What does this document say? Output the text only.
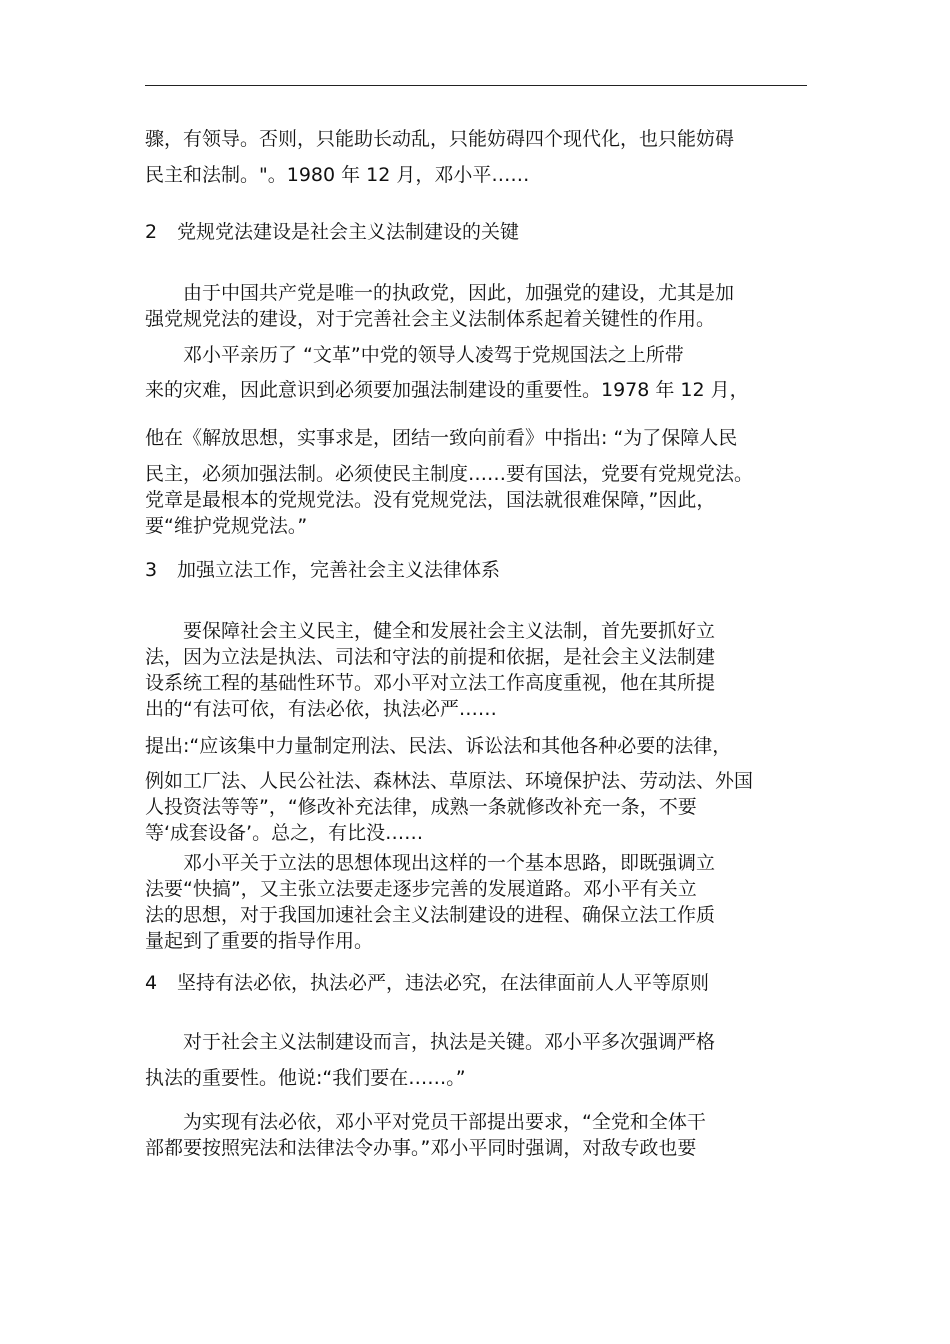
骤，有领导。否则，只能助长动乱，只能妨碍四个现代化，也只能妨碍
民主和法制。"。1980 年 12 月，邓小平……
2 党规党法建设是社会主义法制建设的关键
由于中国共产党是唯一的执政党，因此，加强党的建设，尤其是加
强党规党法的建设，对于完善社会主义法制体系起着关键性的作用。
邓小平亲历了 “文革”中党的领导人凌驾于党规国法之上所带
来的灾难，因此意识到必须要加强法制建设的重要性。1978 年 12 月，
他在《解放思想，实事求是，团结一致向前看》中指出: “为了保障人民
民主，必须加强法制。必须使民主制度……要有国法，党要有党规党法。
党章是最根本的党规党法。没有党规党法，国法就很难保障，”因此，
要“维护党规党法。”
3 加强立法工作，完善社会主义法律体系
要保障社会主义民主，健全和发展社会主义法制，首先要抓好立
法，因为立法是执法、司法和守法的前提和依据，是社会主义法制建
设系统工程的基础性环节。邓小平对立法工作高度重视，他在其所提
出的“有法可依，有法必依，执法必严……
提出:“应该集中力量制定刑法、民法、诉讼法和其他各种必要的法律，
例如工厂法、人民公社法、森林法、草原法、环境保护法、劳动法、外国
人投资法等等”，“修改补充法律，成熟一条就修改补充一条，不要
等‘成套设备’。总之，有比没……
邓小平关于立法的思想体现出这样的一个基本思路，即既强调立
法要“快搞”，又主张立法要走逐步完善的发展道路。邓小平有关立
法的思想，对于我国加速社会主义法制建设的进程、确保立法工作质
量起到了重要的指导作用。
4 坚持有法必依，执法必严，违法必究，在法律面前人人平等原则
对于社会主义法制建设而言，执法是关键。邓小平多次强调严格
执法的重要性。他说:“我们要在……。”
为实现有法必依，邓小平对党员干部提出要求，“全党和全体干
部都要按照宪法和法律法令办事。”邓小平同时强调，对敌专政也要
